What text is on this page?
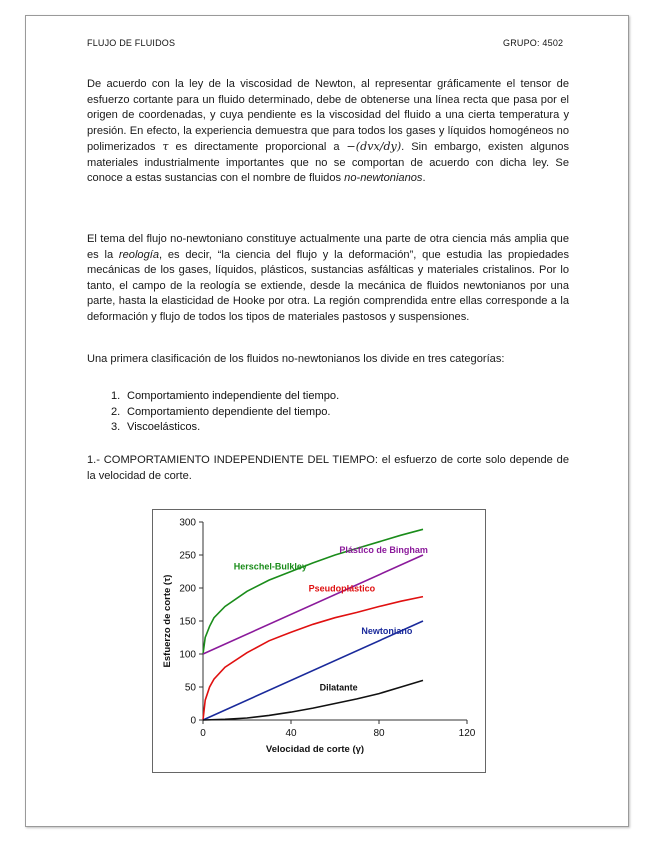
FLUJO DE FLUIDOS	GRUPO: 4502

De acuerdo con la ley de la viscosidad de Newton, al representar gráficamente el tensor de esfuerzo cortante para un fluido determinado, debe de obtenerse una línea recta que pasa por el origen de coordenadas, y cuya pendiente es la viscosidad del fluido a una cierta temperatura y presión. En efecto, la experiencia demuestra que para todos los gases y líquidos homogéneos no polimerizados τ es directamente proporcional a −(dvx/dy). Sin embargo, existen algunos materiales industrialmente importantes que no se comportan de acuerdo con dicha ley. Se conoce a estas sustancias con el nombre de fluidos no-newtonianos.

El tema del flujo no-newtoniano constituye actualmente una parte de otra ciencia más amplia que es la reología, es decir, “la ciencia del flujo y la deformación”, que estudia las propiedades mecánicas de los gases, líquidos, plásticos, sustancias asfálticas y materiales cristalinos. Por lo tanto, el campo de la reología se extiende, desde la mecánica de fluidos newtonianos por una parte, hasta la elasticidad de Hooke por otra. La región comprendida entre ellas corresponde a la deformación y flujo de todos los tipos de materiales pastosos y suspensiones.

Una primera clasificación de los fluidos no-newtonianos los divide en tres categorías:

1. Comportamiento independiente del tiempo.
2. Comportamiento dependiente del tiempo.
3. Viscoelásticos.

1.- COMPORTAMIENTO INDEPENDIENTE DEL TIEMPO: el esfuerzo de corte solo depende de la velocidad de corte.

0
50
100
150
200
250
300
0	40	80	120
Velocidad de corte (γ)
Esfuerzo de corte (τ)
Herschel-Bulkley
Plástico de Bingham
Pseudoplástico
Newtoniano
Dilatante
